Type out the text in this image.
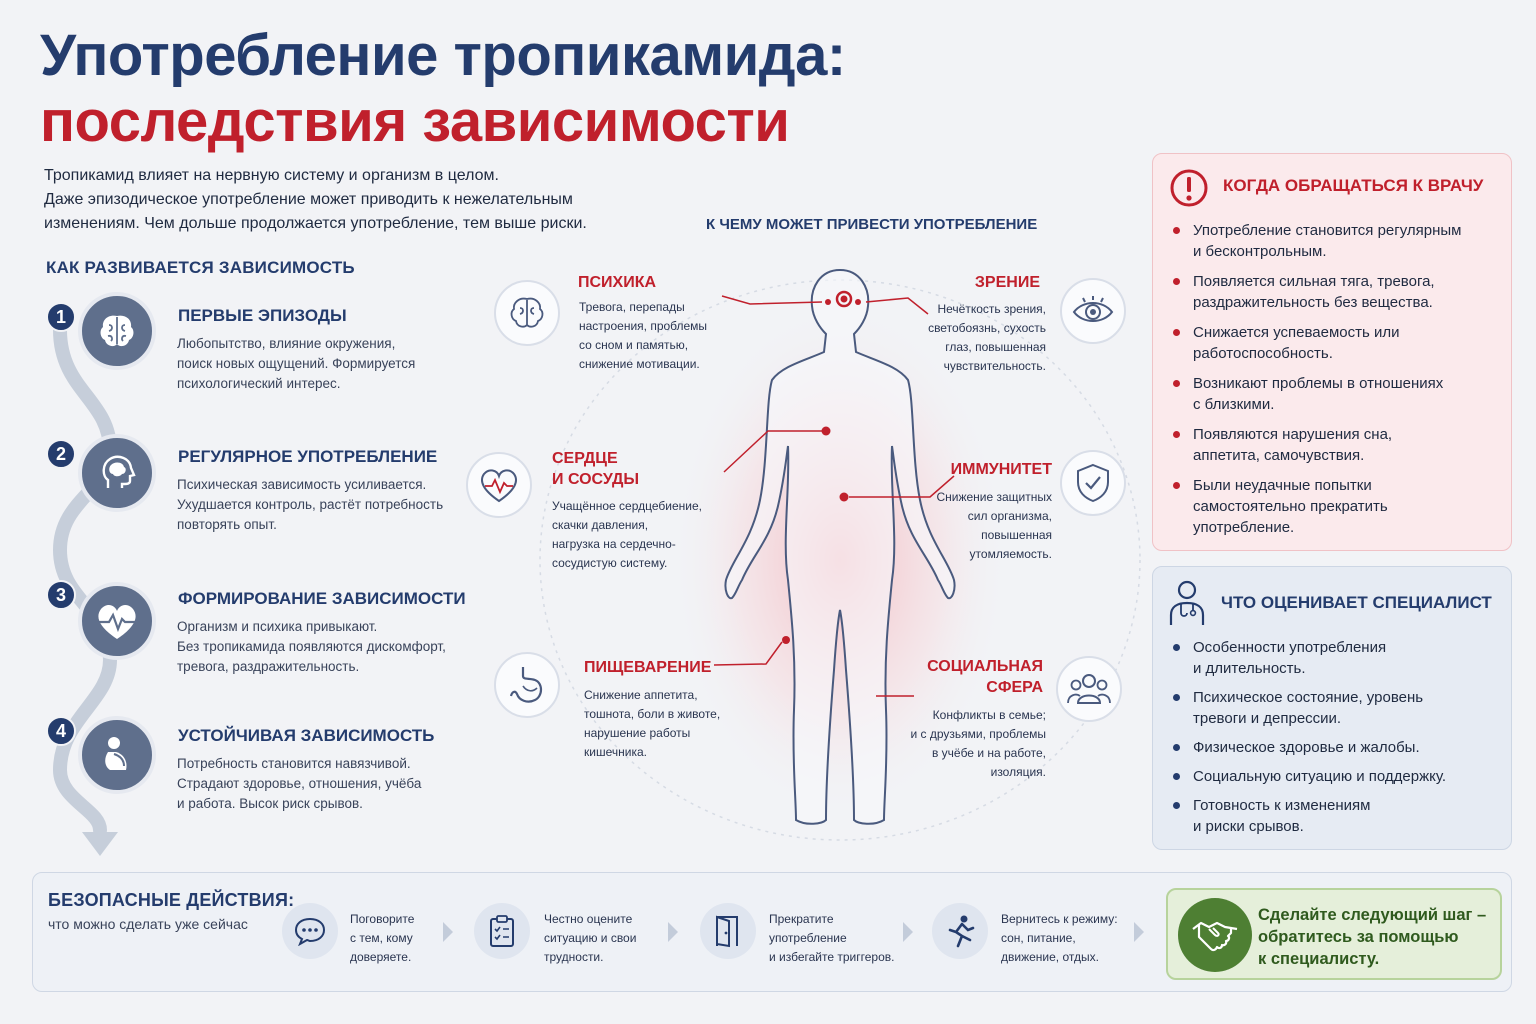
Употребление тропикамида:
последствия зависимости
Тропикамид влияет на нервную систему и организм в целом.
Даже эпизодическое употребление может приводить к нежелательным
изменениям. Чем дольше продолжается употребление, тем выше риски.
КАК РАЗВИВАЕТСЯ ЗАВИСИМОСТЬ
1	ПЕРВЫЕ ЭПИЗОДЫ
Любопытство, влияние окружения,
поиск новых ощущений. Формируется
психологический интерес.
2	РЕГУЛЯРНОЕ УПОТРЕБЛЕНИЕ
Психическая зависимость усиливается.
Ухудшается контроль, растёт потребность
повторять опыт.
3	ФОРМИРОВАНИЕ ЗАВИСИМОСТИ
Организм и психика привыкают.
Без тропикамида появляются дискомфорт,
тревога, раздражительность.
4	УСТОЙЧИВАЯ ЗАВИСИМОСТЬ
Потребность становится навязчивой.
Страдают здоровье, отношения, учёба
и работа. Высок риск срывов.
К ЧЕМУ МОЖЕТ ПРИВЕСТИ УПОТРЕБЛЕНИЕ
ПСИХИКА
Тревога, перепады
настроения, проблемы
со сном и памятью,
снижение мотивации.
ЗРЕНИЕ
Нечёткость зрения,
светобоязнь, сухость
глаз, повышенная
чувствительность.
СЕРДЦЕ
И СОСУДЫ
Учащённое сердцебиение,
скачки давления,
нагрузка на сердечно-
сосудистую систему.
ИММУНИТЕТ
Снижение защитных
сил организма,
повышенная
утомляемость.
ПИЩЕВАРЕНИЕ
Снижение аппетита,
тошнота, боли в животе,
нарушение работы
кишечника.
СОЦИАЛЬНАЯ
СФЕРА
Конфликты в семье;
и с друзьями, проблемы
в учёбе и на работе,
изоляция.
КОГДА ОБРАЩАТЬСЯ К ВРАЧУ
Употребление становится регулярным
и бесконтрольным.
Появляется сильная тяга, тревога,
раздражительность без вещества.
Снижается успеваемость или
работоспособность.
Возникают проблемы в отношениях
с близкими.
Появляются нарушения сна,
аппетита, самочувствия.
Были неудачные попытки
самостоятельно прекратить
употребление.
ЧТО ОЦЕНИВАЕТ СПЕЦИАЛИСТ
Особенности употребления
и длительность.
Психическое состояние, уровень
тревоги и депрессии.
Физическое здоровье и жалобы.
Социальную ситуацию и поддержку.
Готовность к изменениям
и риски срывов.
БЕЗОПАСНЫЕ ДЕЙСТВИЯ:
что можно сделать уже сейчас	Поговорите
с тем, кому
доверяете.
Честно оцените
ситуацию и свои
трудности.
Прекратите
употребление
и избегайте триггеров.
Вернитесь к режиму:
сон, питание,
движение, отдых.
Сделайте следующий шаг –
обратитесь за помощью
к специалисту.
